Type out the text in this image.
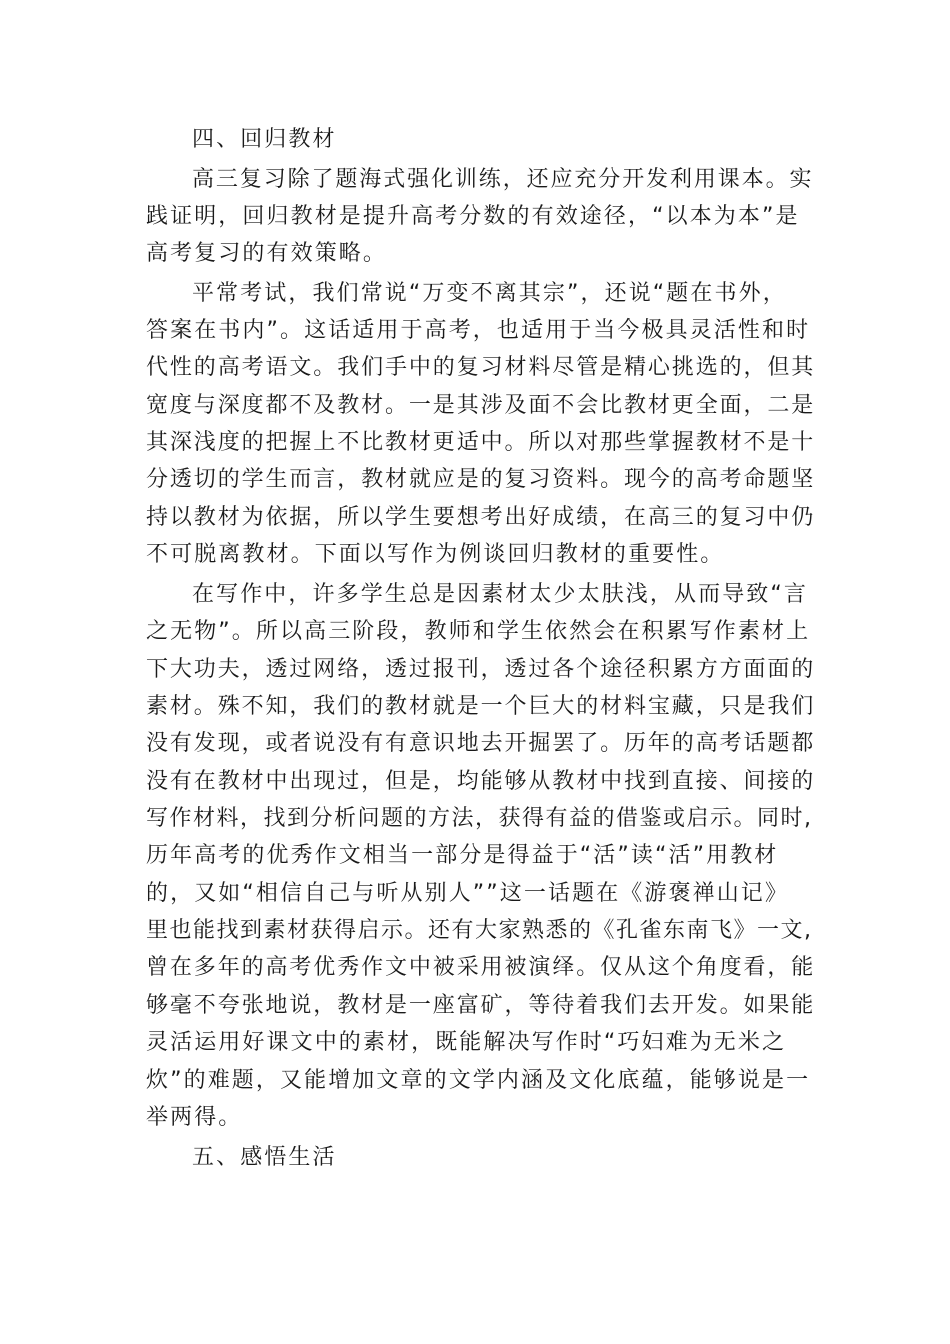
四、回归教材
高三复习除了题海式强化训练，还应充分开发利用课本。实
践证明，回归教材是提升高考分数的有效途径，“以本为本”是
高考复习的有效策略。
平常考试，我们常说“万变不离其宗”，还说“题在书外，
答案在书内”。这话适用于高考，也适用于当今极具灵活性和时
代性的高考语文。我们手中的复习材料尽管是精心挑选的，但其
宽度与深度都不及教材。一是其涉及面不会比教材更全面，二是
其深浅度的把握上不比教材更适中。所以对那些掌握教材不是十
分透切的学生而言，教材就应是的复习资料。现今的高考命题坚
持以教材为依据，所以学生要想考出好成绩，在高三的复习中仍
不可脱离教材。下面以写作为例谈回归教材的重要性。
在写作中，许多学生总是因素材太少太肤浅，从而导致“言
之无物”。所以高三阶段，教师和学生依然会在积累写作素材上
下大功夫，透过网络，透过报刊，透过各个途径积累方方面面的
素材。殊不知，我们的教材就是一个巨大的材料宝藏，只是我们
没有发现，或者说没有有意识地去开掘罢了。历年的高考话题都
没有在教材中出现过，但是，均能够从教材中找到直接、间接的
写作材料，找到分析问题的方法，获得有益的借鉴或启示。同时,
历年高考的优秀作文相当一部分是得益于“活”读“活”用教材
的，又如“相信自己与听从别人””这一话题在《游褒禅山记》
里也能找到素材获得启示。还有大家熟悉的《孔雀东南飞》一文,
曾在多年的高考优秀作文中被采用被演绎。仅从这个角度看，能
够毫不夸张地说，教材是一座富矿，等待着我们去开发。如果能
灵活运用好课文中的素材，既能解决写作时“巧妇难为无米之
炊”的难题，又能增加文章的文学内涵及文化底蕴，能够说是一
举两得。
五、感悟生活
